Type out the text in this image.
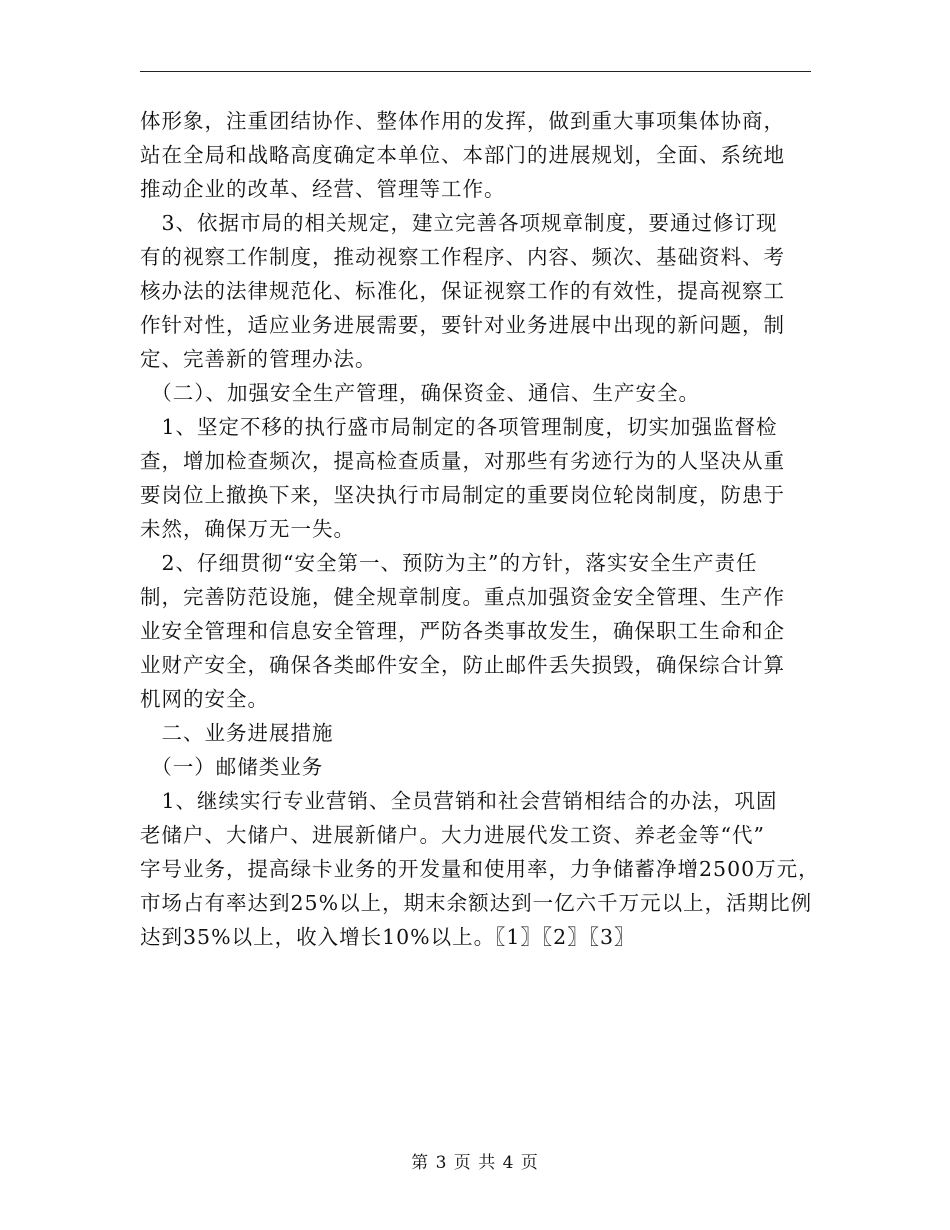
体形象，注重团结协作、整体作用的发挥，做到重大事项集体协商，
站在全局和战略高度确定本单位、本部门的进展规划，全面、系统地
推动企业的改革、经营、管理等工作。
　3、依据市局的相关规定，建立完善各项规章制度，要通过修订现
有的视察工作制度，推动视察工作程序、内容、频次、基础资料、考
核办法的法律规范化、标准化，保证视察工作的有效性，提高视察工
作针对性，适应业务进展需要，要针对业务进展中出现的新问题，制
定、完善新的管理办法。
　（二）、加强安全生产管理，确保资金、通信、生产安全。
　1、坚定不移的执行盛市局制定的各项管理制度，切实加强监督检
查，增加检查频次，提高检查质量，对那些有劣迹行为的人坚决从重
要岗位上撤换下来，坚决执行市局制定的重要岗位轮岗制度，防患于
未然，确保万无一失。
　2、仔细贯彻“安全第一、预防为主”的方针，落实安全生产责任
制，完善防范设施，健全规章制度。重点加强资金安全管理、生产作
业安全管理和信息安全管理，严防各类事故发生，确保职工生命和企
业财产安全，确保各类邮件安全，防止邮件丢失损毁，确保综合计算
机网的安全。
　二、业务进展措施
　（一）邮储类业务
　1、继续实行专业营销、全员营销和社会营销相结合的办法，巩固
老储户、大储户、进展新储户。大力进展代发工资、养老金等“代”
字号业务，提高绿卡业务的开发量和使用率，力争储蓄净增2500万元，
市场占有率达到25%以上，期末余额达到一亿六千万元以上，活期比例
达到35%以上，收入增长10%以上。〖1〗〖2〗〖3〗
第 3 页 共 4 页
